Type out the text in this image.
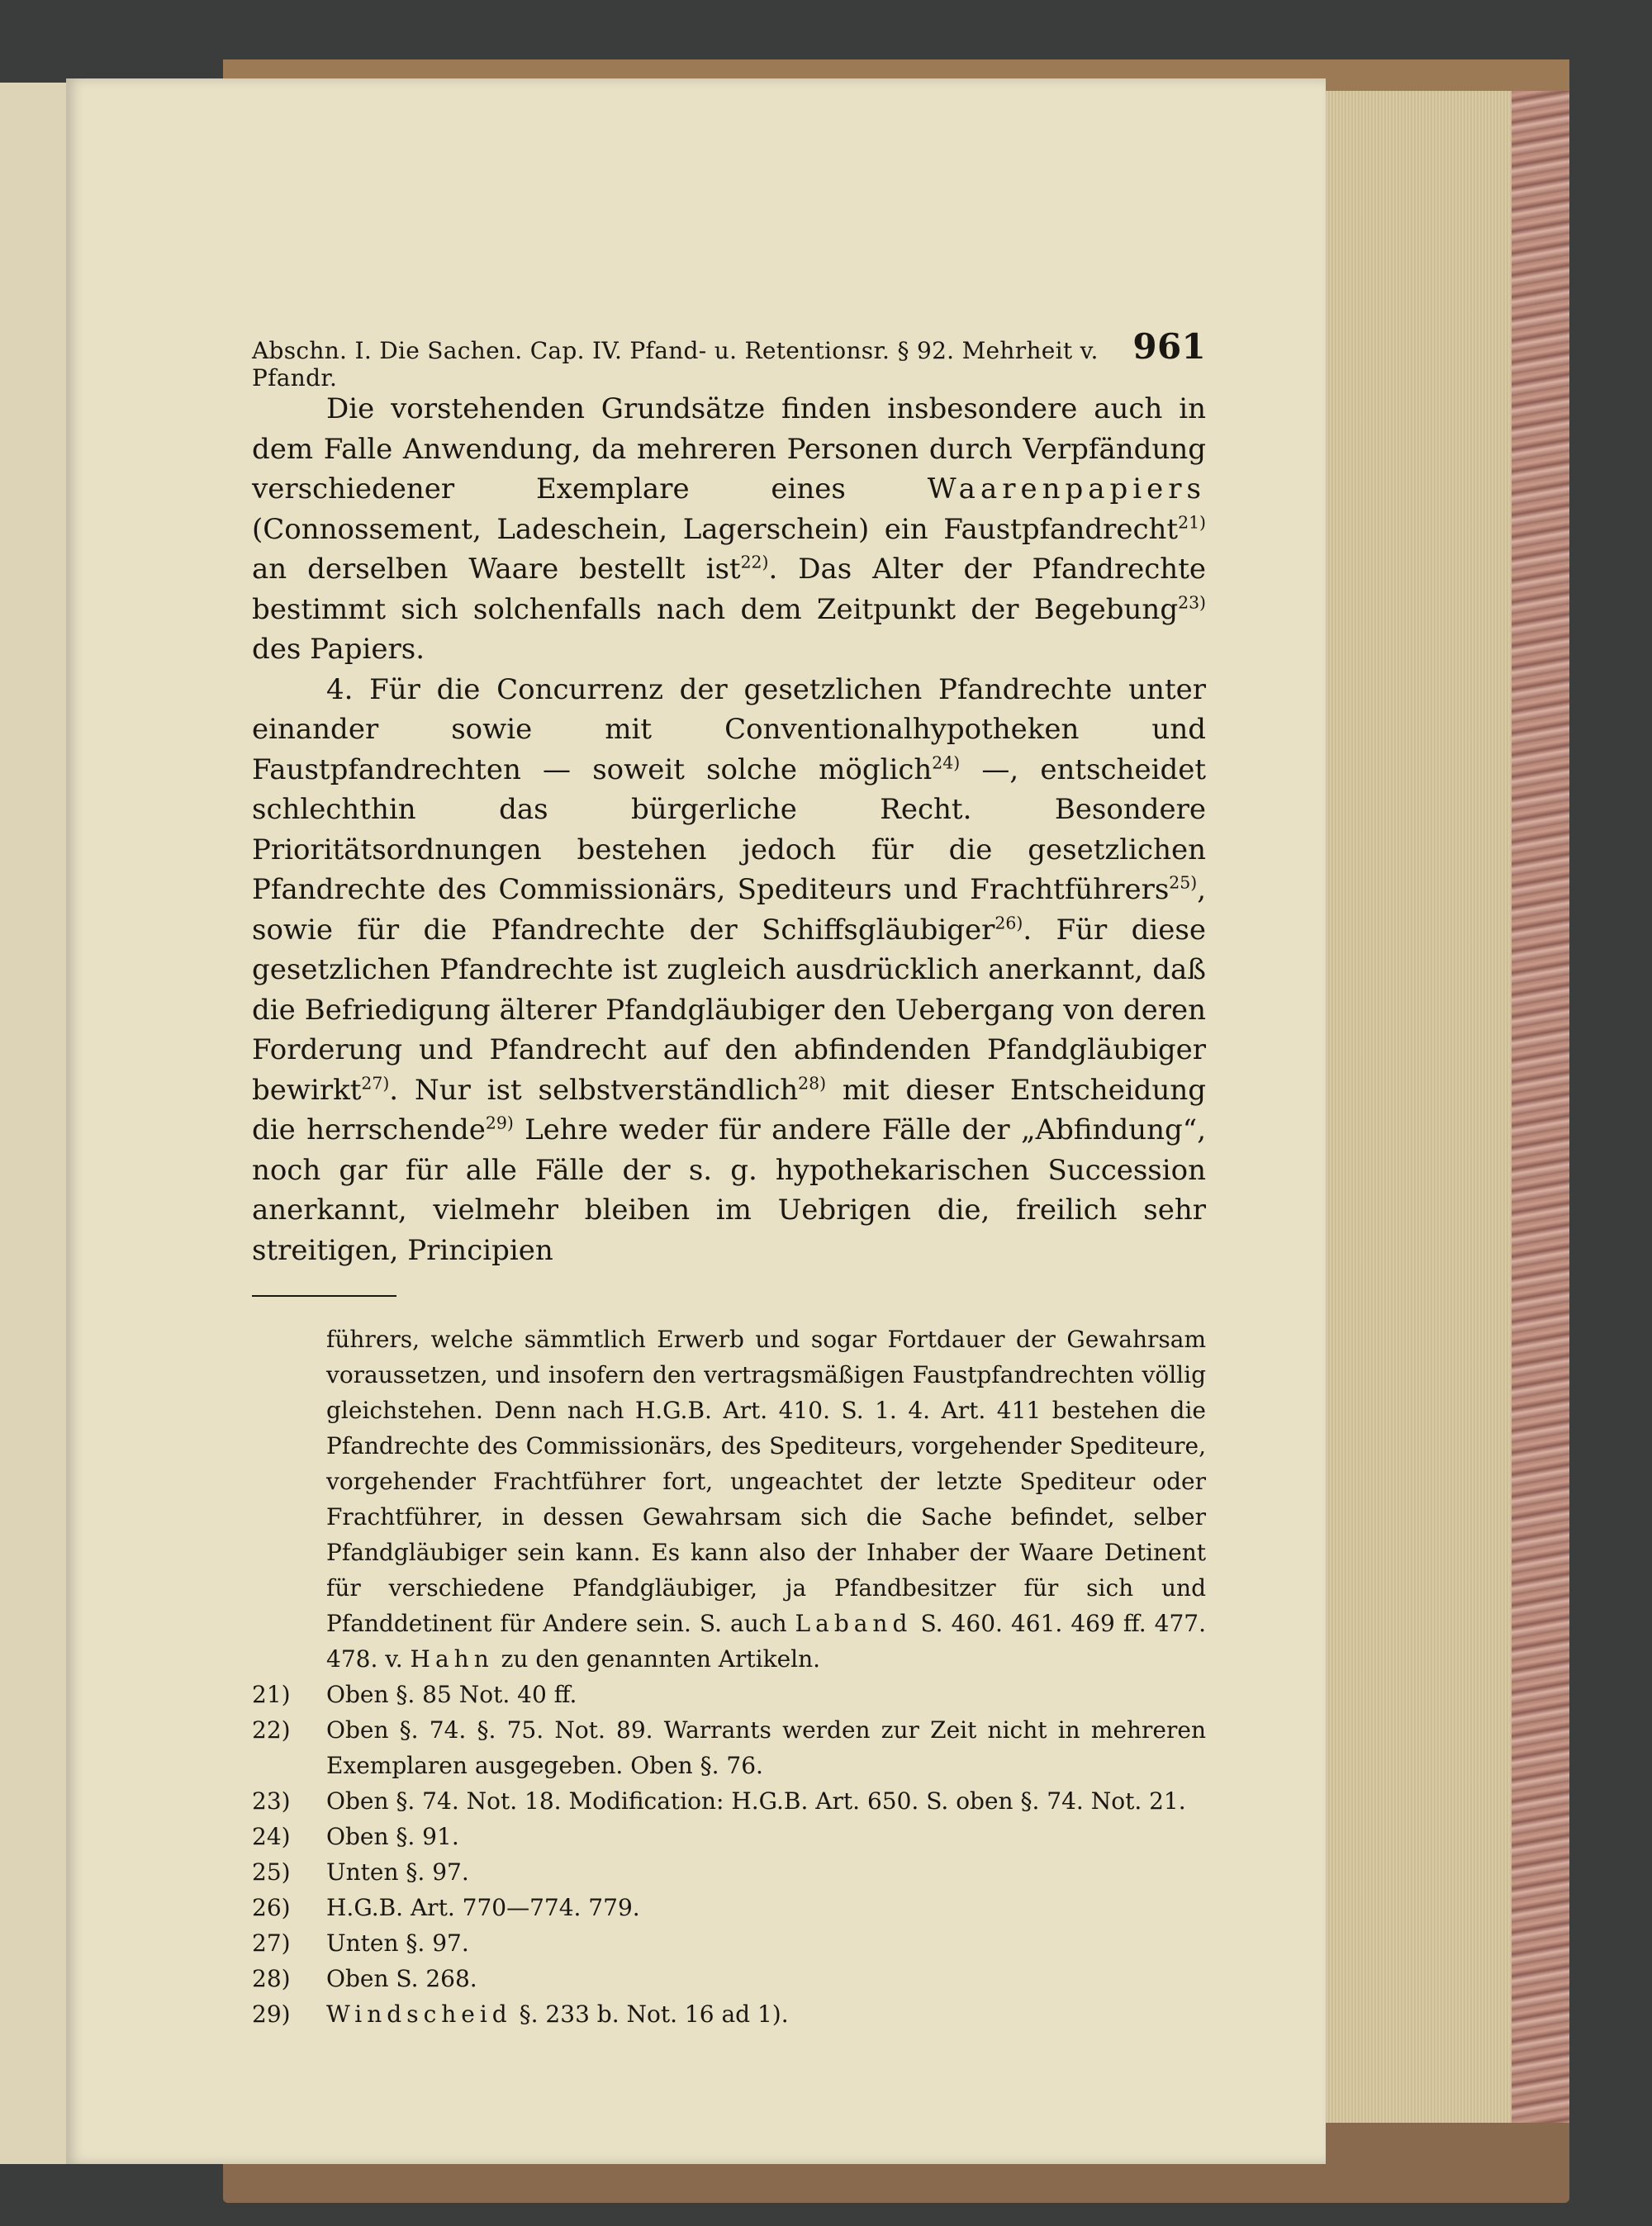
Abschn. I. Die Sachen. Cap. IV. Pfand- u. Retentionsr. § 92. Mehrheit v. Pfandr.
961

Die vorstehenden Grundsätze finden insbesondere auch in dem Falle Anwendung, da mehreren Personen durch Verpfändung verschiedener Exemplare eines Waarenpapiers (Connossement, Ladeschein, Lagerschein) ein Faustpfandrecht$^{21)}$ an derselben Waare bestellt ist$^{22)}$. Das Alter der Pfandrechte bestimmt sich solchenfalls nach dem Zeitpunkt der Begebung$^{23)}$ des Papiers.

4. Für die Concurrenz der gesetzlichen Pfandrechte unter einander sowie mit Conventionalhypotheken und Faustpfandrechten — soweit solche möglich$^{24)}$ —, entscheidet schlechthin das bürgerliche Recht. Besondere Prioritätsordnungen bestehen jedoch für die gesetzlichen Pfandrechte des Commissionärs, Spediteurs und Frachtführers$^{25)}$, sowie für die Pfandrechte der Schiffsgläubiger$^{26)}$. Für diese gesetzlichen Pfandrechte ist zugleich ausdrücklich anerkannt, daß die Befriedigung älterer Pfandgläubiger den Uebergang von deren Forderung und Pfandrecht auf den abfindenden Pfandgläubiger bewirkt$^{27)}$. Nur ist selbstverständlich$^{28)}$ mit dieser Entscheidung die herrschende$^{29)}$ Lehre weder für andere Fälle der „Abfindung“, noch gar für alle Fälle der s. g. hypothekarischen Succession anerkannt, vielmehr bleiben im Uebrigen die, freilich sehr streitigen, Principien

führers, welche sämmtlich Erwerb und sogar Fortdauer der Gewahrsam voraussetzen, und insofern den vertragsmäßigen Faustpfandrechten völlig gleichstehen. Denn nach H.G.B. Art. 410. S. 1. 4. Art. 411 bestehen die Pfandrechte des Commissionärs, des Spediteurs, vorgehender Spediteure, vorgehender Frachtführer fort, ungeachtet der letzte Spediteur oder Frachtführer, in dessen Gewahrsam sich die Sache befindet, selber Pfandgläubiger sein kann. Es kann also der Inhaber der Waare Detinent für verschiedene Pfandgläubiger, ja Pfandbesitzer für sich und Pfanddetinent für Andere sein. S. auch Laband S. 460. 461. 469 ff. 477. 478. v. Hahn zu den genannten Artikeln.
21)	Oben §. 85 Not. 40 ff.
22)	Oben §. 74. §. 75. Not. 89. Warrants werden zur Zeit nicht in mehreren Exemplaren ausgegeben. Oben §. 76.
23)	Oben §. 74. Not. 18. Modification: H.G.B. Art. 650. S. oben §. 74. Not. 21.
24)	Oben §. 91.
25)	Unten §. 97.
26)	H.G.B. Art. 770—774. 779.
27)	Unten §. 97.
28)	Oben S. 268.
29)	Windscheid §. 233 b. Not. 16 ad 1).
